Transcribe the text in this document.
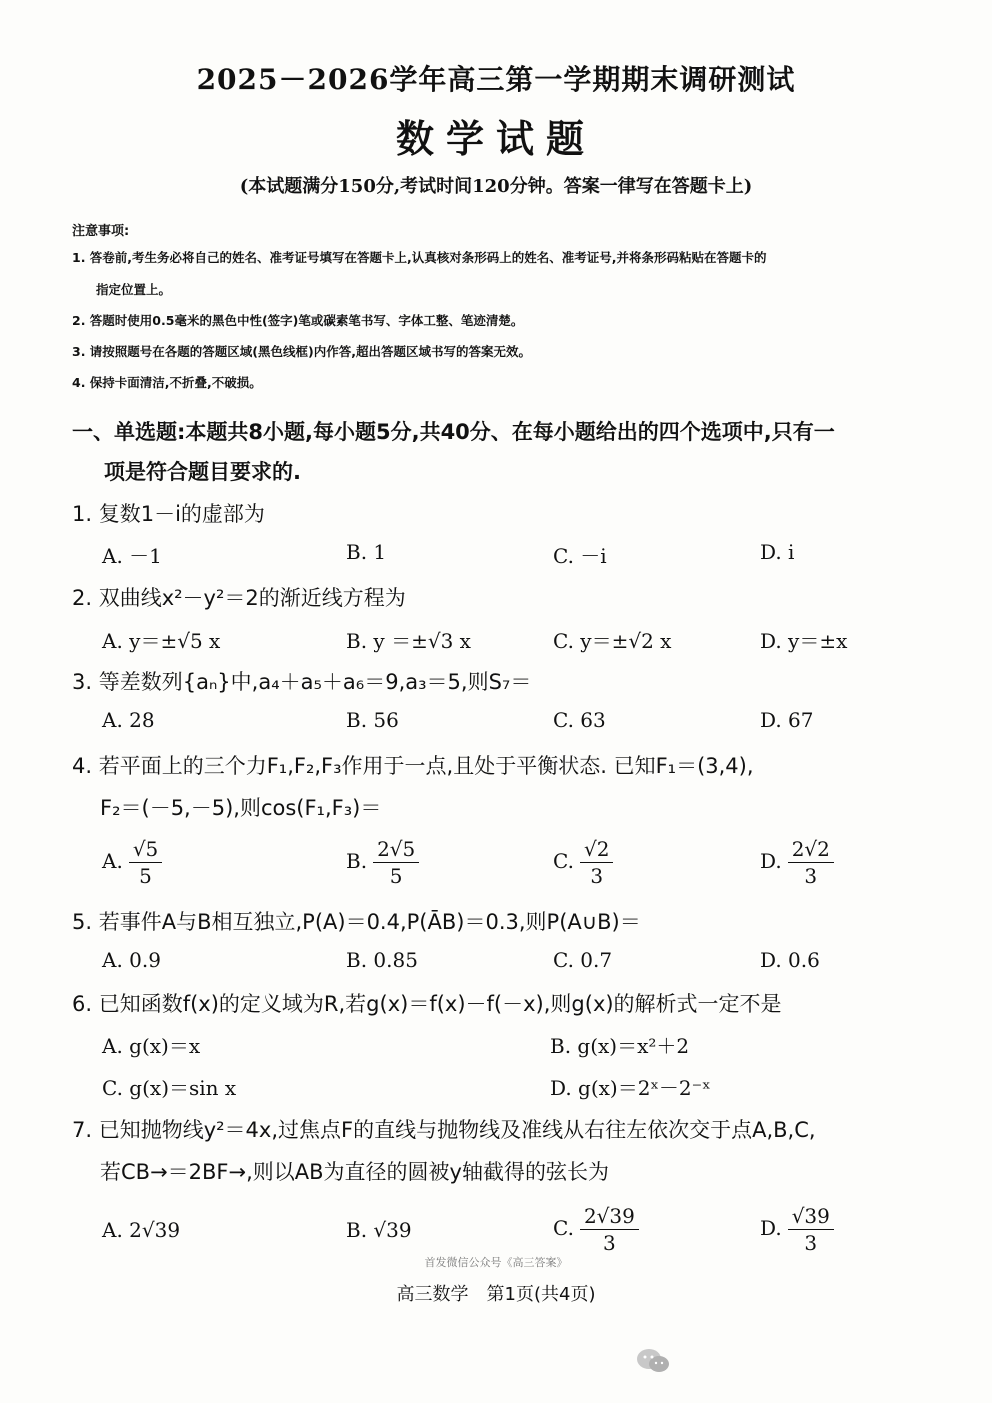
2025－2026学年高三第一学期期末调研测试
数学试题
(本试题满分150分,考试时间120分钟。答案一律写在答题卡上)
注意事项:
1. 答卷前,考生务必将自己的姓名、准考证号填写在答题卡上,认真核对条形码上的姓名、准考证号,并将条形码粘贴在答题卡的
指定位置上。
2. 答题时使用0.5毫米的黑色中性(签字)笔或碳素笔书写、字体工整、笔迹清楚。
3. 请按照题号在各题的答题区域(黑色线框)内作答,超出答题区域书写的答案无效。
4. 保持卡面清洁,不折叠,不破损。
一、单选题:本题共8小题,每小题5分,共40分、在每小题给出的四个选项中,只有一
项是符合题目要求的.
1. 复数1－i的虚部为
A. －1	B. 1	C. －i	D. i
2. 双曲线x²－y²＝2的渐近线方程为
A. y＝±√5 x	B. y ＝±√3 x	C. y＝±√2 x	D. y＝±x
3. 等差数列{aₙ}中,a₄＋a₅＋a₆＝9,a₃＝5,则S₇＝
A. 28	B. 56	C. 63	D. 67
4. 若平面上的三个力F₁,F₂,F₃作用于一点,且处于平衡状态. 已知F₁＝(3,4),
F₂＝(－5,－5),则cos(F₁,F₃)＝
A. $\frac{√5}{5}$	B. $\frac{2√5}{5}$	C. $\frac{√2}{3}$	D. $\frac{2√2}{3}$
5. 若事件A与B相互独立,P(A)＝0.4,P(ĀB)＝0.3,则P(A∪B)＝
A. 0.9	B. 0.85	C. 0.7	D. 0.6
6. 已知函数f(x)的定义域为R,若g(x)＝f(x)－f(－x),则g(x)的解析式一定不是
A. g(x)＝x	B. g(x)＝x²＋2
C. g(x)＝sin x	D. g(x)＝2ˣ－2⁻ˣ
7. 已知抛物线y²＝4x,过焦点F的直线与抛物线及准线从右往左依次交于点A,B,C,
若CB→＝2BF→,则以AB为直径的圆被y轴截得的弦长为
A. 2√39	B. √39	C. $\frac{2√39}{3}$	D. $\frac{√39}{3}$
首发微信公众号《高三答案》
高三数学　第1页(共4页)
